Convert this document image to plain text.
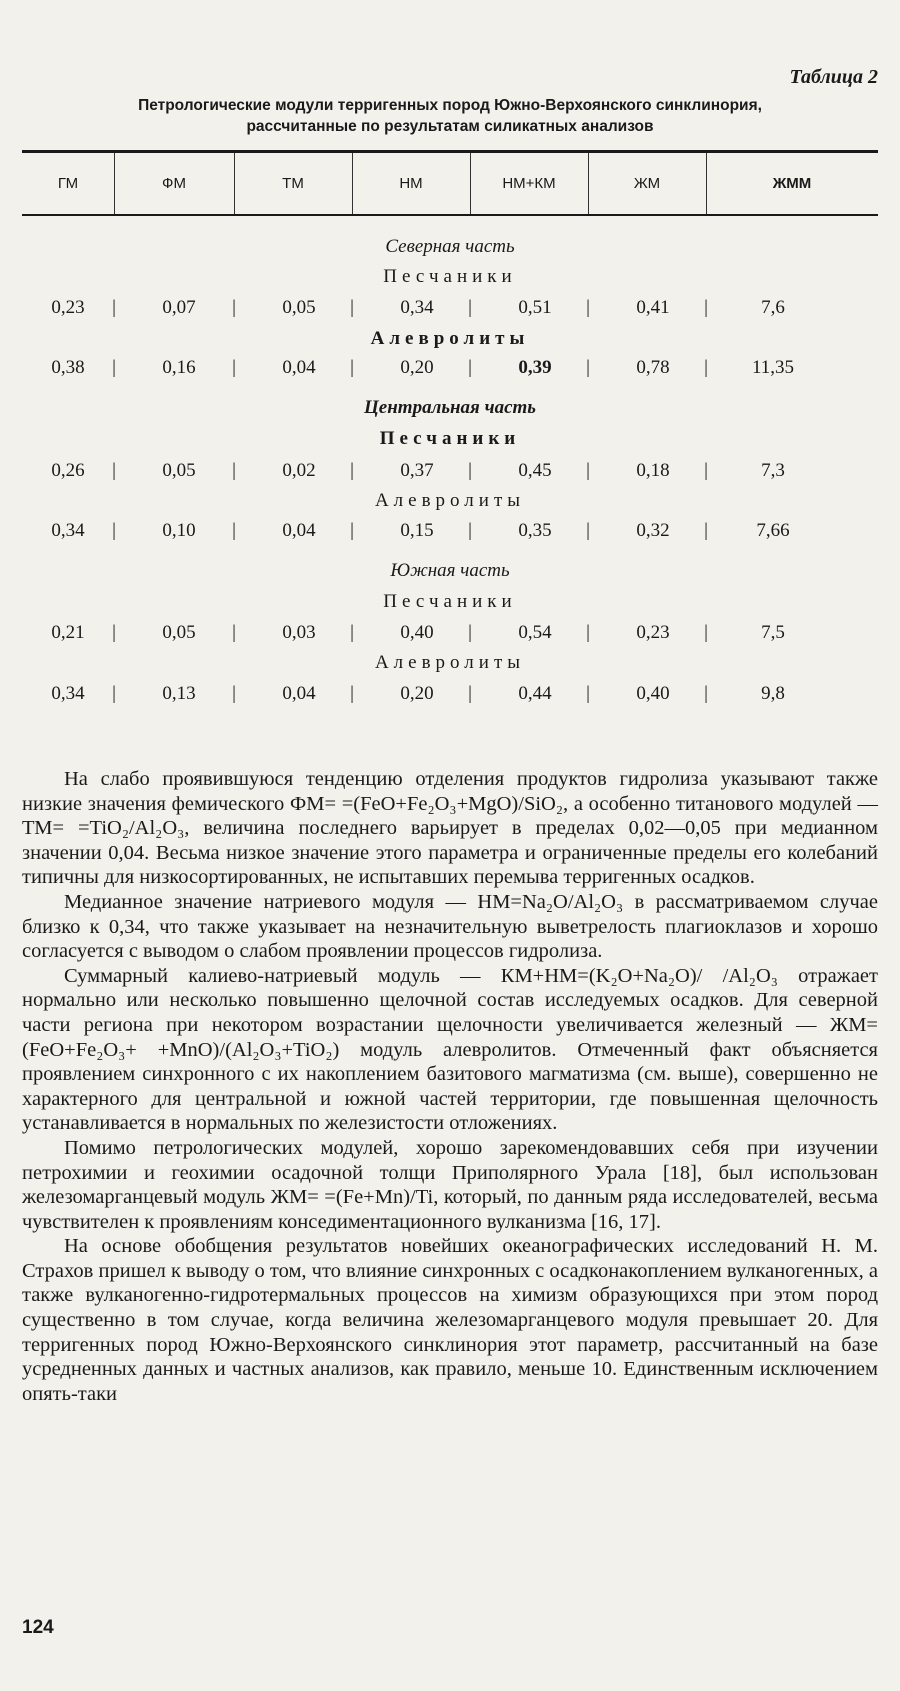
Таблица 2
Петрологические модули терригенных пород Южно-Верхоянского синклинория,
рассчитанные по результатам силикатных анализов
ГМ	ФМ	ТМ	НМ	НМ+КМ	ЖМ	ЖММ
Северная часть
Песчаники
0,23	|	0,07	|	0,05	|	0,34	|	0,51	|	0,41	|	7,6
Алевролиты
0,38	|	0,16	|	0,04	|	0,20	|	0,39	|	0,78	|	11,35
Центральная часть
Песчаники
0,26	|	0,05	|	0,02	|	0,37	|	0,45	|	0,18	|	7,3
Алевролиты
0,34	|	0,10	|	0,04	|	0,15	|	0,35	|	0,32	|	7,66
Южная часть
Песчаники
0,21	|	0,05	|	0,03	|	0,40	|	0,54	|	0,23	|	7,5
Алевролиты
0,34	|	0,13	|	0,04	|	0,20	|	0,44	|	0,40	|	9,8

На слабо проявившуюся тенденцию отделения продуктов гидролиза указывают также низкие значения фемического ФМ= =(FeO+Fe₂O₃+MgO)/SiO₂, а особенно титанового модулей — ТМ= =TiO₂/Al₂O₃, величина последнего варьирует в пределах 0,02—0,05 при медианном значении 0,04. Весьма низкое значение этого параметра и ограниченные пределы его колебаний типичны для низкосортированных, не испытавших перемыва терригенных осадков.

Медианное значение натриевого модуля — НМ=Na₂O/Al₂O₃ в рассматриваемом случае близко к 0,34, что также указывает на незначительную выветрелость плагиоклазов и хорошо согласуется с выводом о слабом проявлении процессов гидролиза.

Суммарный калиево-натриевый модуль — КМ+НМ=(K₂O+Na₂O)/ /Al₂O₃ отражает нормально или несколько повышенно щелочной состав исследуемых осадков. Для северной части региона при некотором возрастании щелочности увеличивается железный — ЖМ=(FeO+Fe₂O₃+ +MnO)/(Al₂O₃+TiO₂) модуль алевролитов. Отмеченный факт объясняется проявлением синхронного с их накоплением базитового магматизма (см. выше), совершенно не характерного для центральной и южной частей территории, где повышенная щелочность устанавливается в нормальных по железистости отложениях.

Помимо петрологических модулей, хорошо зарекомендовавших себя при изучении петрохимии и геохимии осадочной толщи Приполярного Урала [18], был использован железомарганцевый модуль ЖМ= =(Fe+Mn)/Ti, который, по данным ряда исследователей, весьма чувствителен к проявлениям конседиментационного вулканизма [16, 17].

На основе обобщения результатов новейших океанографических исследований Н. М. Страхов пришел к выводу о том, что влияние синхронных с осадконакоплением вулканогенных, а также вулканогенно-гидротермальных процессов на химизм образующихся при этом пород существенно в том случае, когда величина железомарганцевого модуля превышает 20. Для терригенных пород Южно-Верхоянского синклинория этот параметр, рассчитанный на базе усредненных данных и частных анализов, как правило, меньше 10. Единственным исключением опять-таки

124
